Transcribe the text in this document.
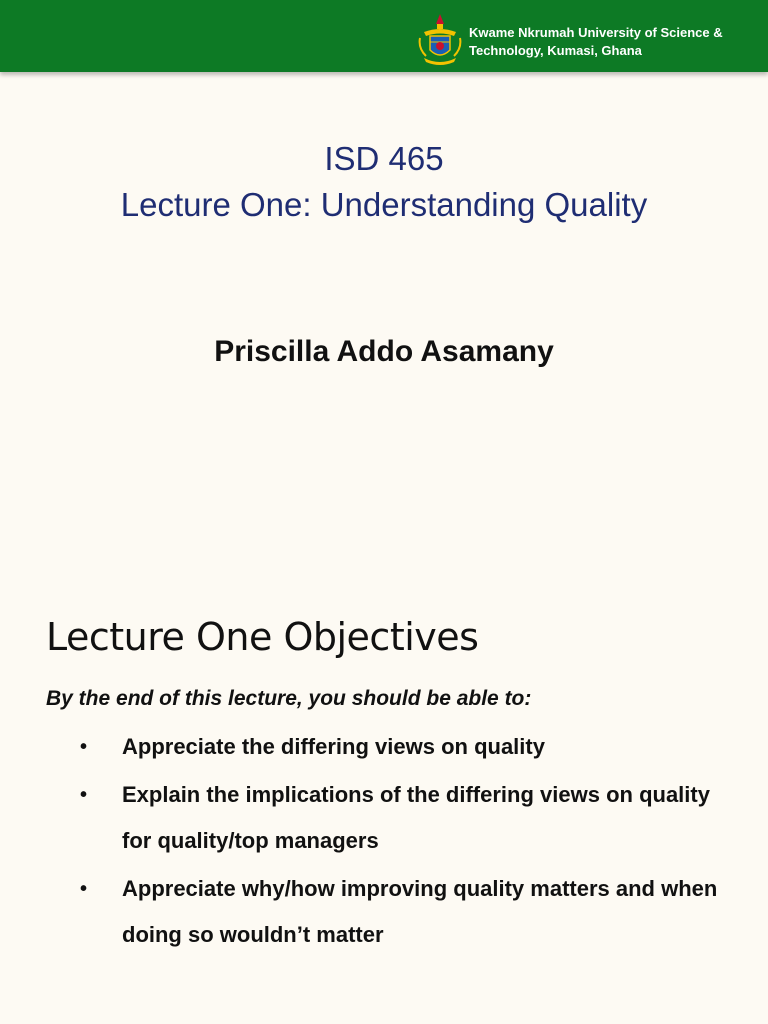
Kwame Nkrumah University of Science & Technology, Kumasi, Ghana
ISD 465
Lecture One: Understanding Quality
Priscilla Addo Asamany
Lecture One Objectives
By the end of this lecture, you should be able to:
• Appreciate the differing views on quality
• Explain the implications of the differing views on quality for quality/top managers
• Appreciate why/how improving quality matters and when doing so wouldn’t matter
